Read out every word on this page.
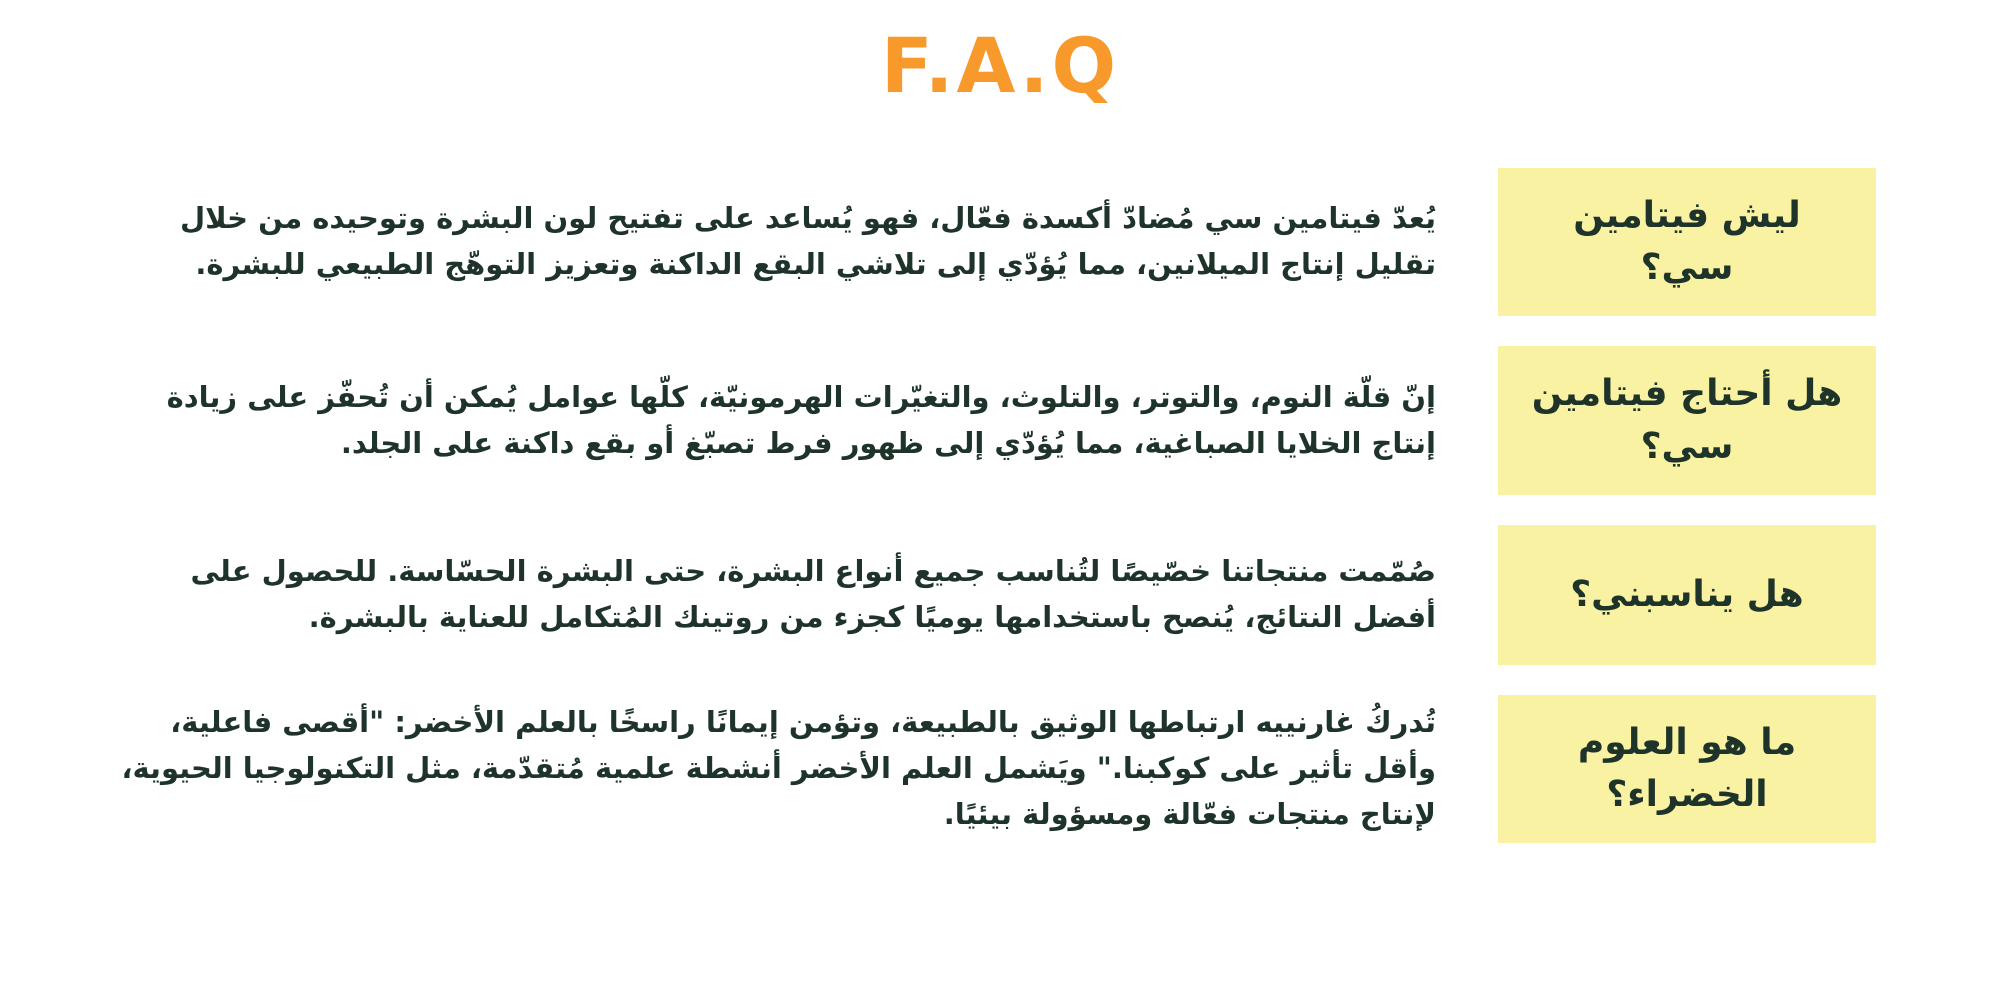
F.A.Q
ليش فيتامين سي؟

يُعدّ فيتامين سي مُضادّ أكسدة فعّال، فهو يُساعد على تفتيح لون البشرة وتوحيده من خلال تقليل إنتاج الميلانين، مما يُؤدّي إلى تلاشي البقع الداكنة وتعزيز التوهّج الطبيعي للبشرة.

هل أحتاج فيتامين سي؟

إنّ قلّة النوم، والتوتر، والتلوث، والتغيّرات الهرمونيّة، كلّها عوامل يُمكن أن تُحفّز على زيادة إنتاج الخلايا الصباغية، مما يُؤدّي إلى ظهور فرط تصبّغ أو بقع داكنة على الجلد.

هل يناسبني؟

صُمّمت منتجاتنا خصّيصًا لتُناسب جميع أنواع البشرة، حتى البشرة الحسّاسة. للحصول على أفضل النتائج، يُنصح باستخدامها يوميًا كجزء من روتينك المُتكامل للعناية بالبشرة.

ما هو العلوم الخضراء؟

تُدركُ غارنييه ارتباطها الوثيق بالطبيعة، وتؤمن إيمانًا راسخًا بالعلم الأخضر: "أقصى فاعلية، وأقل تأثير على كوكبنا." ويَشمل العلم الأخضر أنشطة علمية مُتقدّمة، مثل التكنولوجيا الحيوية، لإنتاج منتجات فعّالة ومسؤولة بيئيًا.
